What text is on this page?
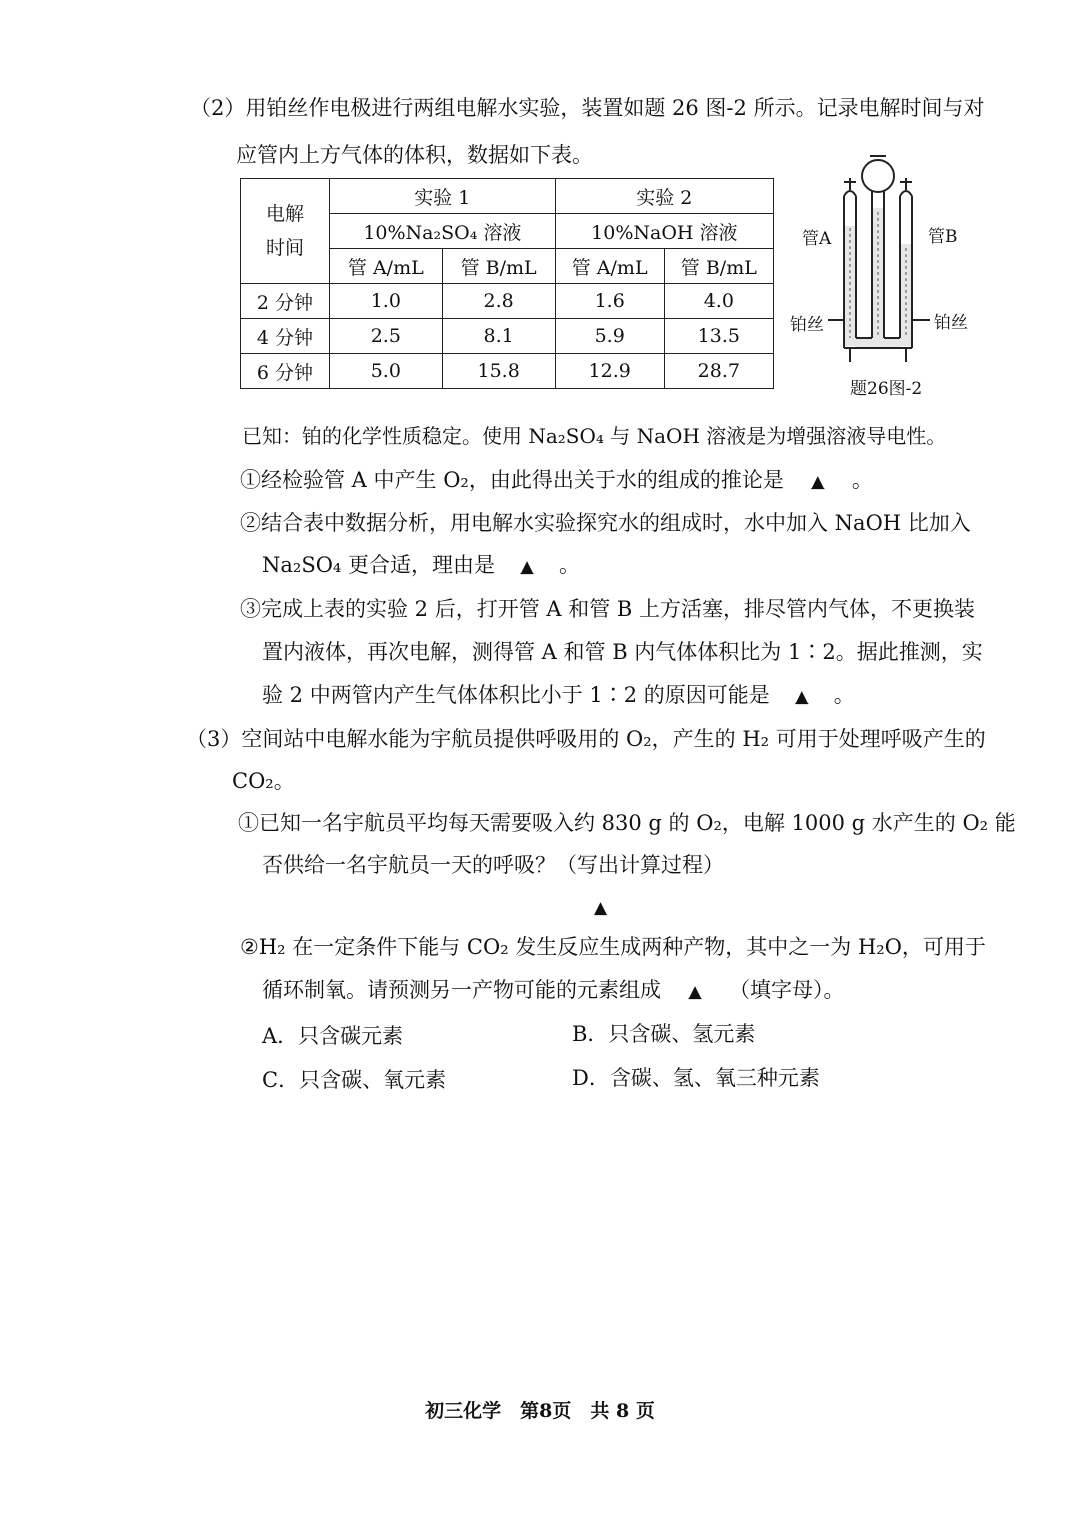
（2）用铂丝作电极进行两组电解水实验，装置如题 26 图-2 所示。记录电解时间与对
应管内上方气体的体积，数据如下表。
电解时间	实验 1		实验 2	
	10%Na₂SO₄ 溶液		10%NaOH 溶液	
	管 A/mL	管 B/mL	管 A/mL	管 B/mL
2 分钟	1.0	2.8	1.6	4.0
4 分钟	2.5	8.1	5.9	13.5
6 分钟	5.0	15.8	12.9	28.7
管A	管B
铂丝	铂丝
题26图-2
已知：铂的化学性质稳定。使用 Na₂SO₄ 与 NaOH 溶液是为增强溶液导电性。
①经检验管 A 中产生 O₂，由此得出关于水的组成的推论是 ▲ 。
②结合表中数据分析，用电解水实验探究水的组成时，水中加入 NaOH 比加入
Na₂SO₄ 更合适，理由是 ▲ 。
③完成上表的实验 2 后，打开管 A 和管 B 上方活塞，排尽管内气体，不更换装
置内液体，再次电解，测得管 A 和管 B 内气体体积比为 1∶2。据此推测，实
验 2 中两管内产生气体体积比小于 1∶2 的原因可能是 ▲ 。
（3）空间站中电解水能为宇航员提供呼吸用的 O₂，产生的 H₂ 可用于处理呼吸产生的
CO₂。
①已知一名宇航员平均每天需要吸入约 830 g 的 O₂，电解 1000 g 水产生的 O₂ 能
否供给一名宇航员一天的呼吸？（写出计算过程）
▲
②H₂ 在一定条件下能与 CO₂ 发生反应生成两种产物，其中之一为 H₂O，可用于
循环制氧。请预测另一产物可能的元素组成 ▲ （填字母）。
A．只含碳元素	B．只含碳、氢元素
C．只含碳、氧元素	D．含碳、氢、氧三种元素
初三化学　第8页　共 8 页
